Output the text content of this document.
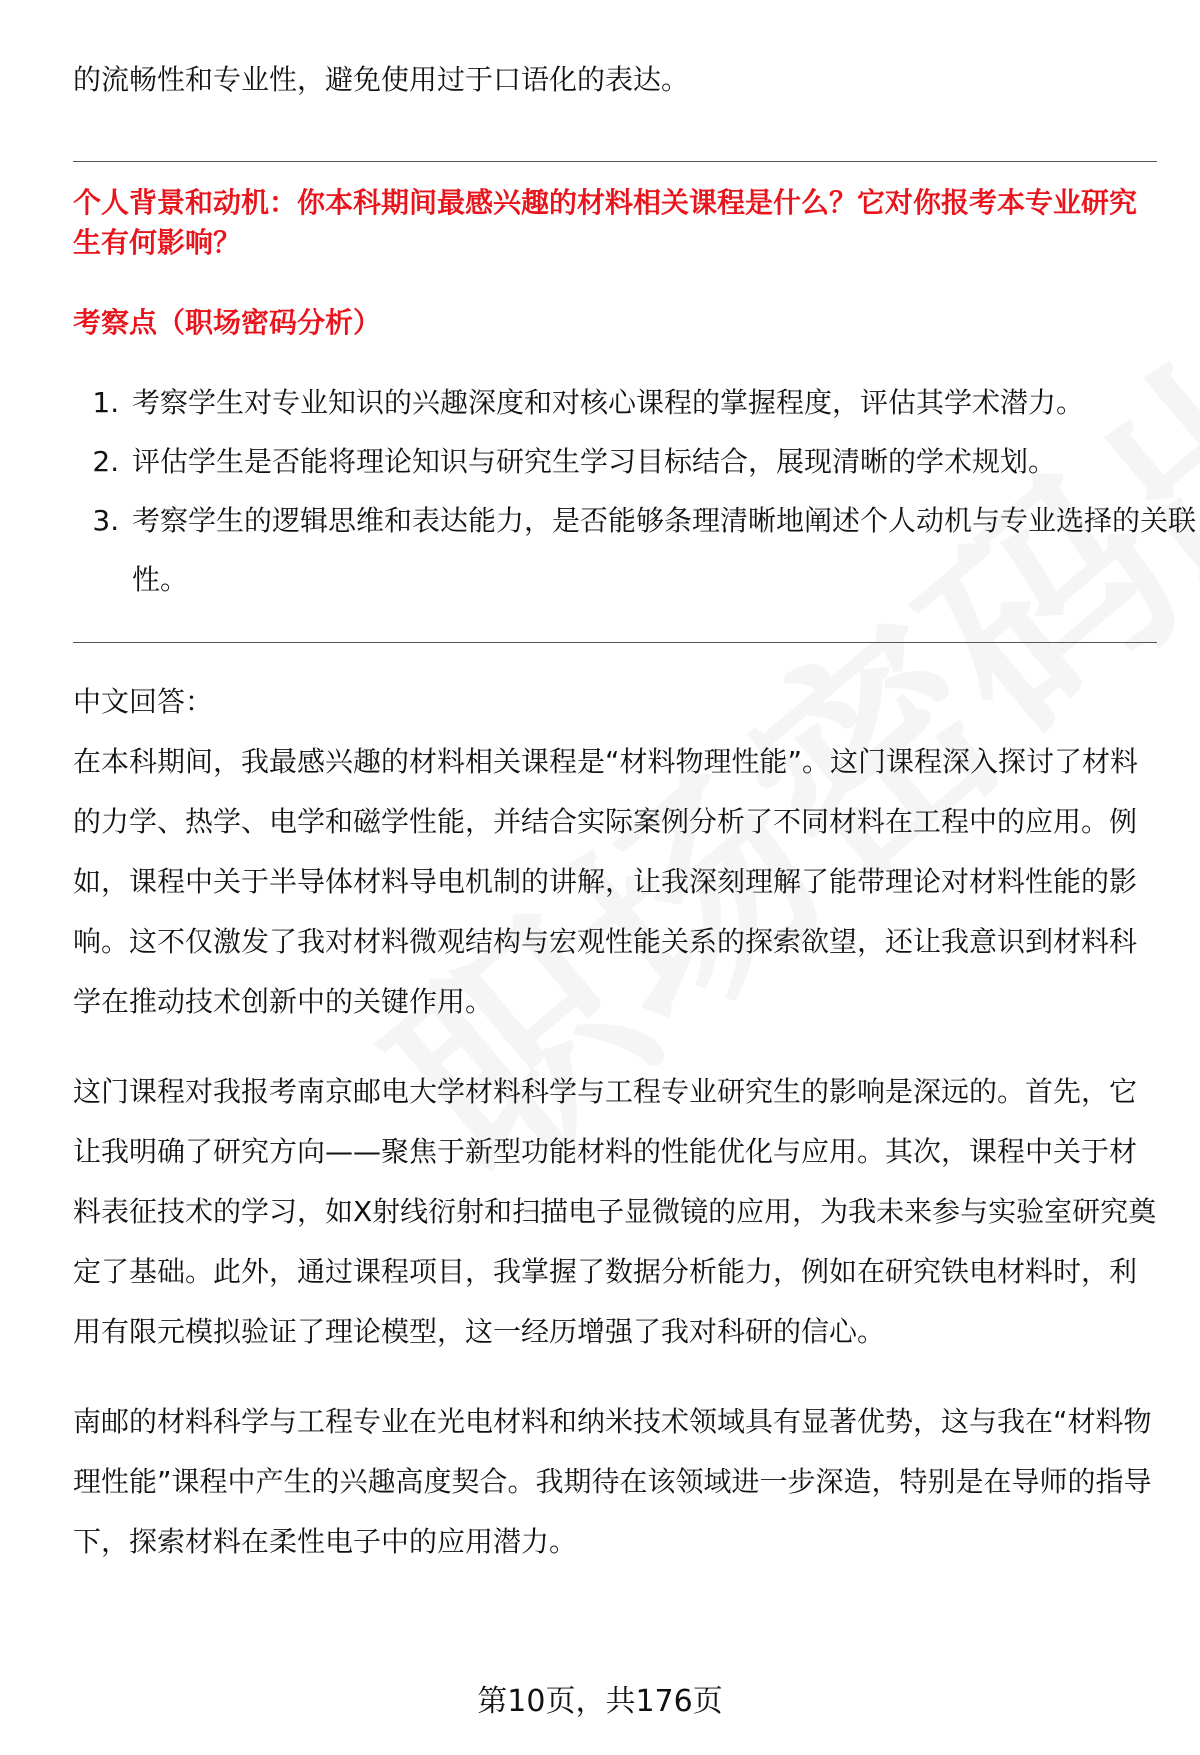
的流畅性和专业性，避免使用过于口语化的表达。
个人背景和动机：你本科期间最感兴趣的材料相关课程是什么？它对你报考本专业研究生有何影响？
考察点（职场密码分析）
1. 考察学生对专业知识的兴趣深度和对核心课程的掌握程度，评估其学术潜力。
2. 评估学生是否能将理论知识与研究生学习目标结合，展现清晰的学术规划。
3. 考察学生的逻辑思维和表达能力，是否能够条理清晰地阐述个人动机与专业选择的关联性。

中文回答：

在本科期间，我最感兴趣的材料相关课程是“材料物理性能”。这门课程深入探讨了材料的力学、热学、电学和磁学性能，并结合实际案例分析了不同材料在工程中的应用。例如，课程中关于半导体材料导电机制的讲解，让我深刻理解了能带理论对材料性能的影响。这不仅激发了我对材料微观结构与宏观性能关系的探索欲望，还让我意识到材料科学在推动技术创新中的关键作用。

这门课程对我报考南京邮电大学材料科学与工程专业研究生的影响是深远的。首先，它让我明确了研究方向——聚焦于新型功能材料的性能优化与应用。其次，课程中关于材料表征技术的学习，如X射线衍射和扫描电子显微镜的应用，为我未来参与实验室研究奠定了基础。此外，通过课程项目，我掌握了数据分析能力，例如在研究铁电材料时，利用有限元模拟验证了理论模型，这一经历增强了我对科研的信心。

南邮的材料科学与工程专业在光电材料和纳米技术领域具有显著优势，这与我在“材料物理性能”课程中产生的兴趣高度契合。我期待在该领域进一步深造，特别是在导师的指导下，探索材料在柔性电子中的应用潜力。

第10页，共176页
